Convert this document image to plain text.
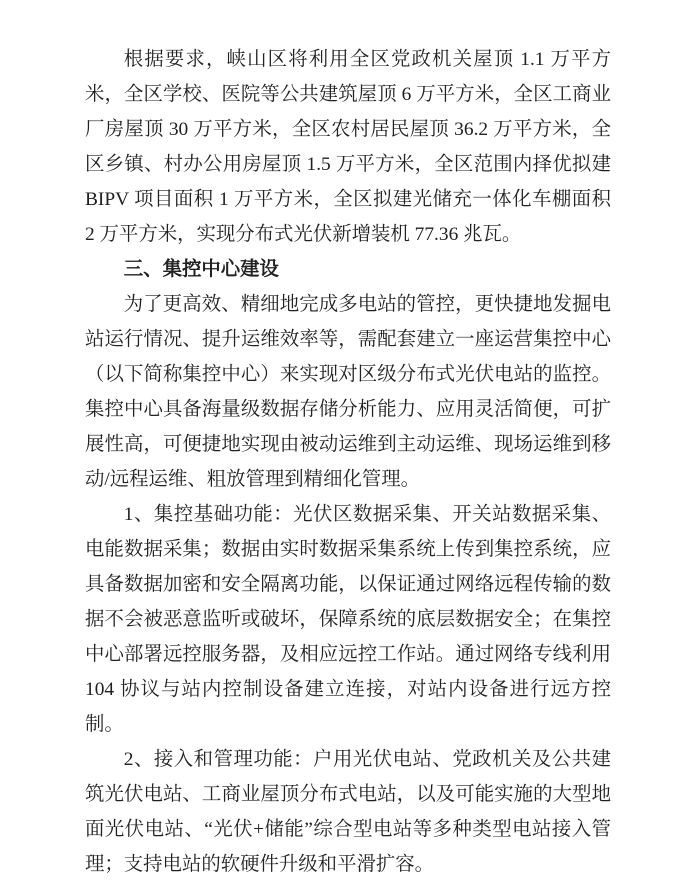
根据要求，峡山区将利用全区党政机关屋顶 1.1 万平方米，全区学校、医院等公共建筑屋顶 6 万平方米，全区工商业厂房屋顶 30 万平方米，全区农村居民屋顶 36.2 万平方米，全区乡镇、村办公用房屋顶 1.5 万平方米，全区范围内择优拟建 BIPV 项目面积 1 万平方米，全区拟建光储充一体化车棚面积 2 万平方米，实现分布式光伏新增装机 77.36 兆瓦。

三、集控中心建设

为了更高效、精细地完成多电站的管控，更快捷地发掘电站运行情况、提升运维效率等，需配套建立一座运营集控中心（以下简称集控中心）来实现对区级分布式光伏电站的监控。集控中心具备海量级数据存储分析能力、应用灵活简便，可扩展性高，可便捷地实现由被动运维到主动运维、现场运维到移动/远程运维、粗放管理到精细化管理。

1、集控基础功能：光伏区数据采集、开关站数据采集、电能数据采集；数据由实时数据采集系统上传到集控系统，应具备数据加密和安全隔离功能，以保证通过网络远程传输的数据不会被恶意监听或破坏，保障系统的底层数据安全；在集控中心部署远控服务器，及相应远控工作站。通过网络专线利用 104 协议与站内控制设备建立连接，对站内设备进行远方控制。

2、接入和管理功能：户用光伏电站、党政机关及公共建筑光伏电站、工商业屋顶分布式电站，以及可能实施的大型地面光伏电站、“光伏+储能”综合型电站等多种类型电站接入管理；支持电站的软硬件升级和平滑扩容。
